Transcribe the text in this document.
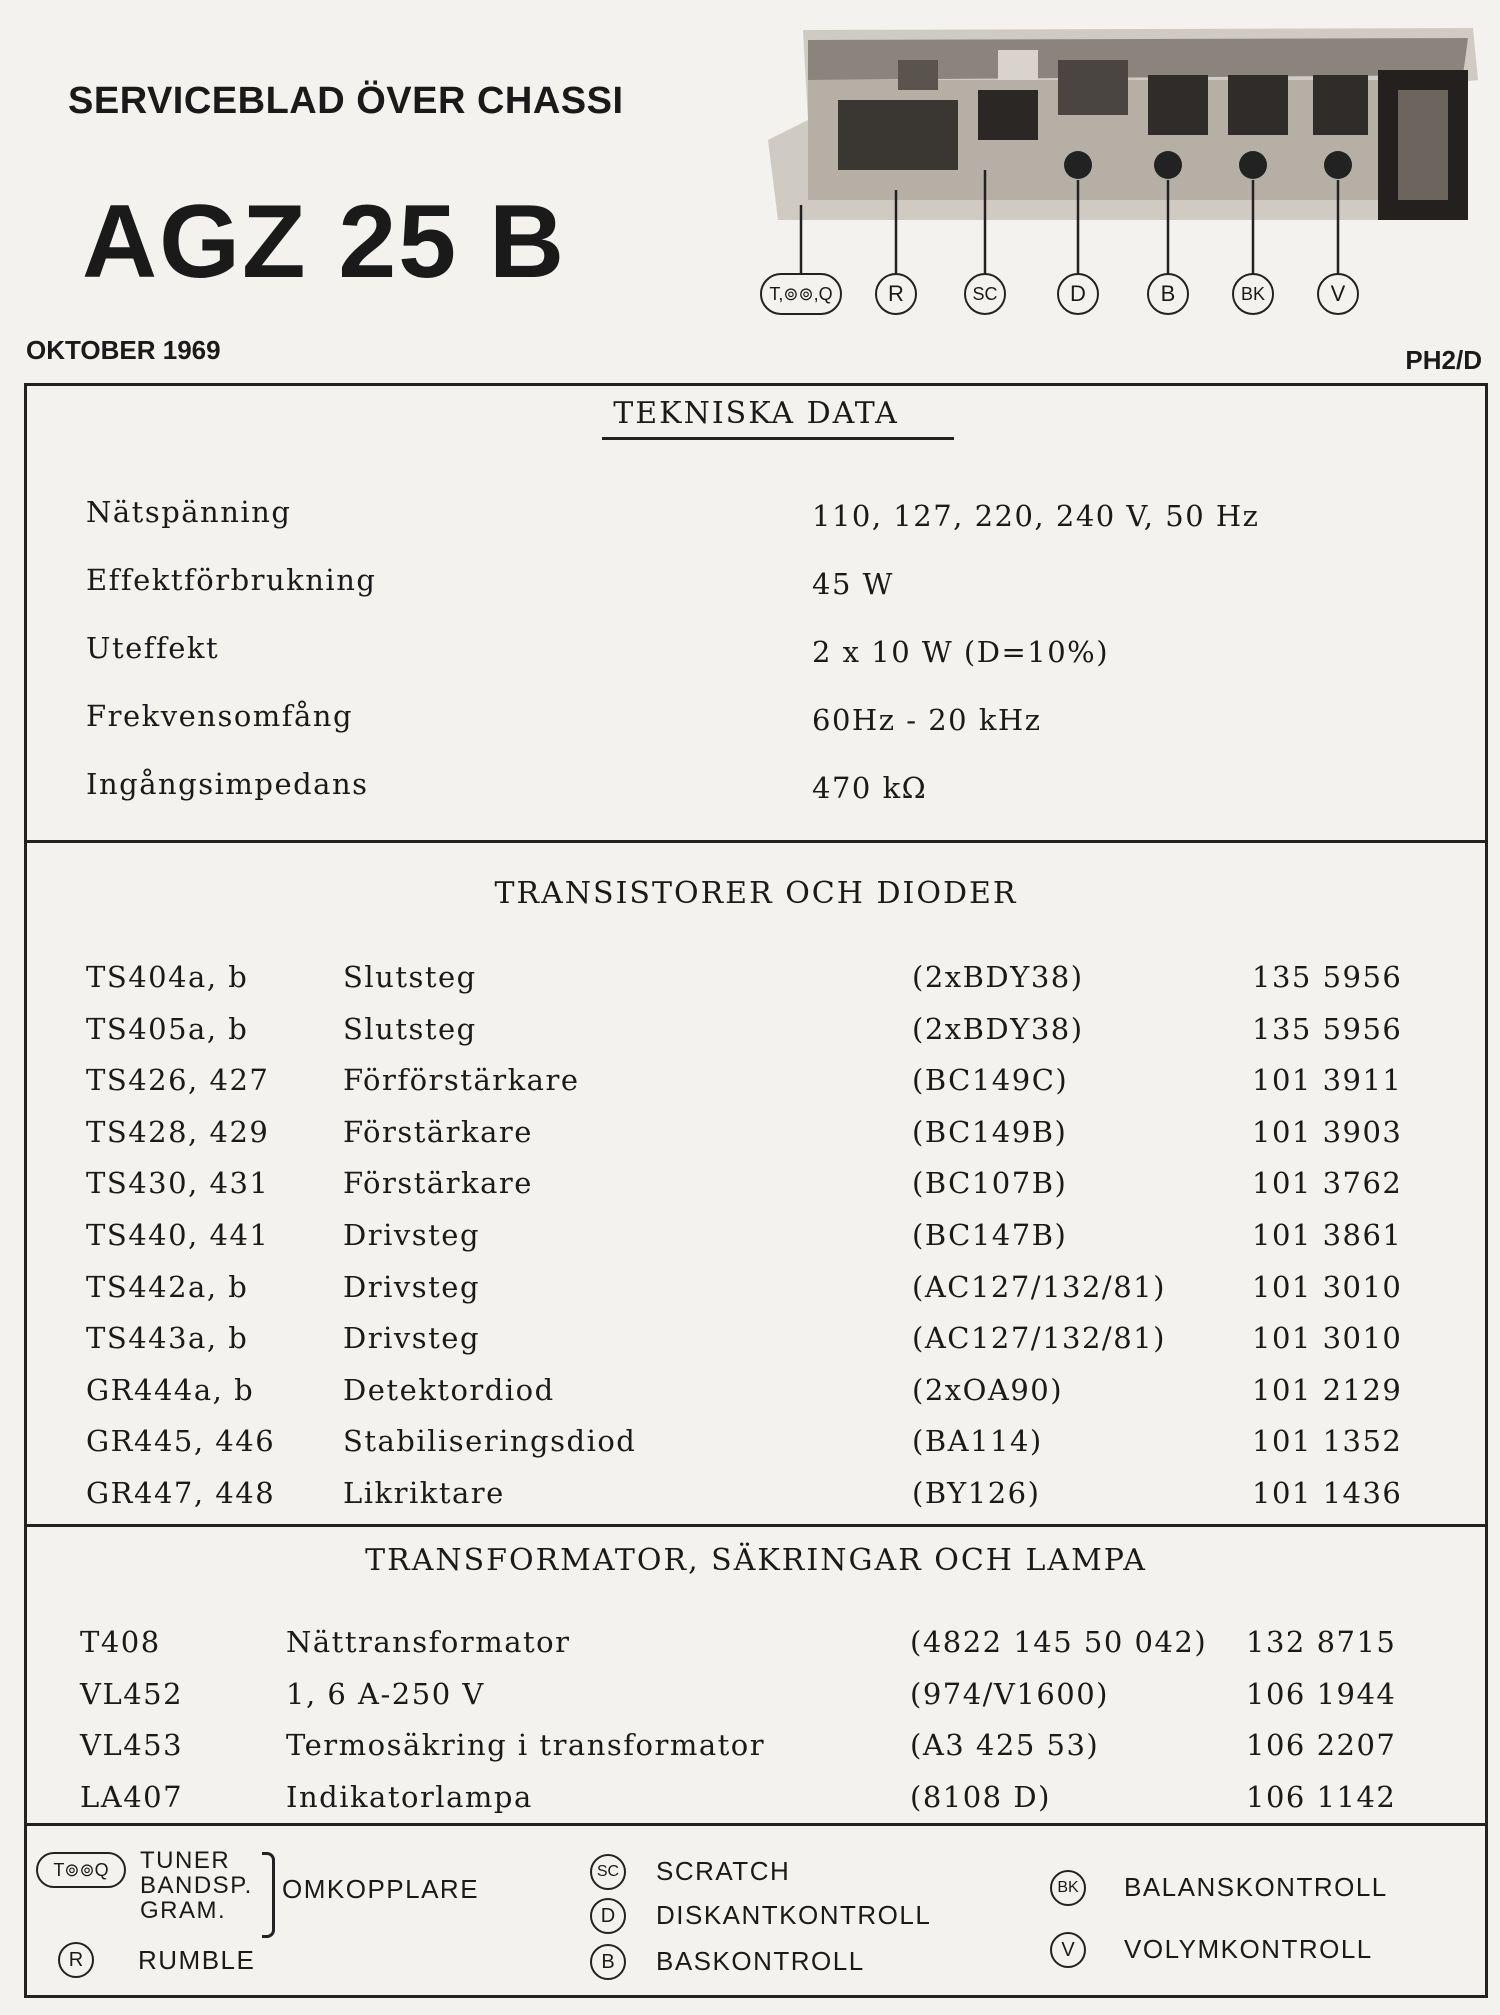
SERVICEBLAD ÖVER CHASSI
AGZ 25 B
OKTOBER 1969	PH2/D
T,⊚⊚,Q	R	SC	D	B	BK	V
TEKNISKA DATA
Nätspänning	110, 127, 220, 240 V, 50 Hz
Effektförbrukning	45 W
Uteffekt	2 x 10 W (D=10%)
Frekvensomfång	60Hz - 20 kHz
Ingångsimpedans	470 kΩ
TRANSISTORER OCH DIODER
TS404a, b	Slutsteg	(2xBDY38)	135 5956
TS405a, b	Slutsteg	(2xBDY38)	135 5956
TS426, 427	Förförstärkare	(BC149C)	101 3911
TS428, 429	Förstärkare	(BC149B)	101 3903
TS430, 431	Förstärkare	(BC107B)	101 3762
TS440, 441	Drivsteg	(BC147B)	101 3861
TS442a, b	Drivsteg	(AC127/132/81)	101 3010
TS443a, b	Drivsteg	(AC127/132/81)	101 3010
GR444a, b	Detektordiod	(2xOA90)	101 2129
GR445, 446 Stabiliseringsdiod	(BA114)	101 1352
GR447, 448 Likriktare	(BY126)	101 1436
TRANSFORMATOR, SÄKRINGAR OCH LAMPA
T408	Nättransformator	(4822 145 50 042) 132 8715
VL452	1, 6 A-250 V	(974/V1600)	106 1944
VL453	Termosäkring i transformator	(A3 425 53)	106 2207
LA407	Indikatorlampa	(8108 D)	106 1142
T⊚⊚Q	TUNER
BANDSP.
GRAM.
OMKOPPLARE
R	RUMBLE
SC SCRATCH
D	DISKANTKONTROLL
B	BASKONTROLL
BK BALANSKONTROLL
V	VOLYMKONTROLL
